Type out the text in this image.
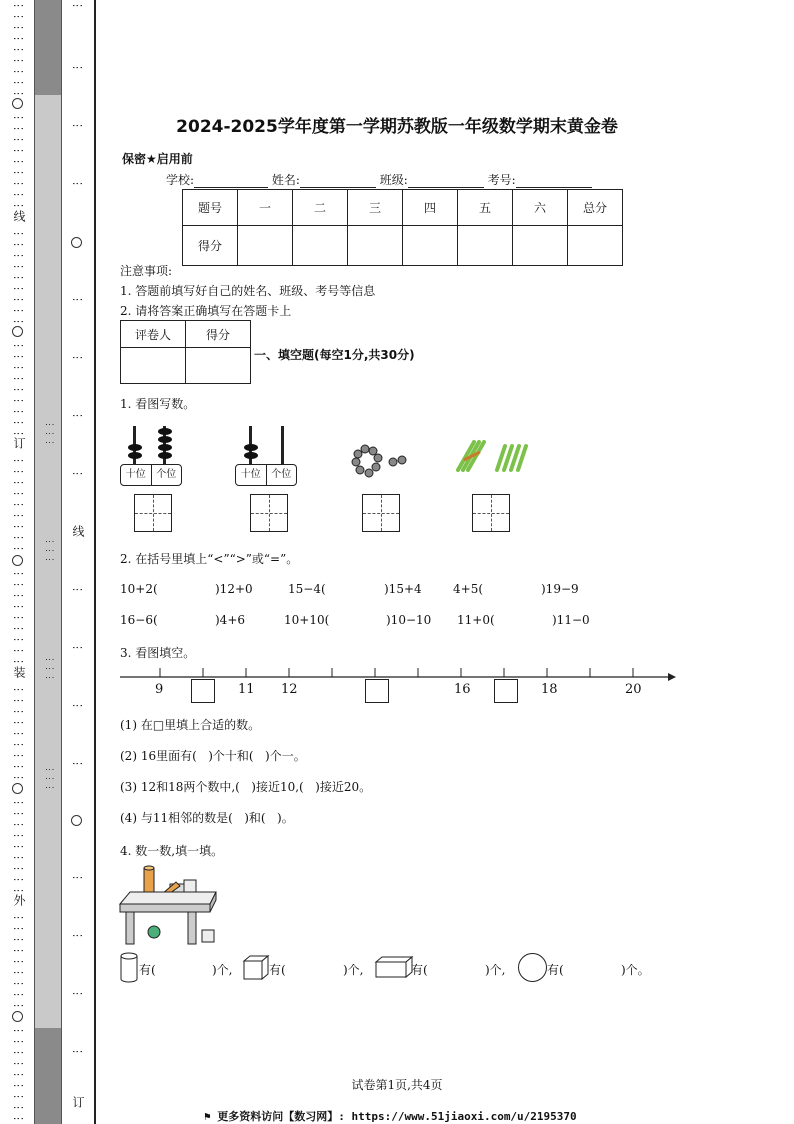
⋮⋮⋮⋮⋮⋮⋮⋮⋮
⋮⋮⋮⋮⋮⋮⋮⋮⋮
线
⋮⋮⋮⋮⋮⋮⋮⋮⋮
⋮⋮⋮⋮⋮⋮⋮⋮⋮
订
⋮⋮⋮⋮⋮⋮⋮⋮⋮
⋮⋮⋮⋮⋮⋮⋮⋮⋮
装
⋮⋮⋮⋮⋮⋮⋮⋮⋮
⋮⋮⋮⋮⋮⋮⋮⋮⋮
外
⋮⋮⋮⋮⋮⋮⋮⋮⋮
⋮⋮⋮⋮⋮⋮⋮⋮⋮
⋮⋮⋮
⋮⋮⋮
⋮⋮⋮
⋮⋮⋮
⋮
⋮
⋮
⋮
⋮
⋮
⋮
⋮
线
⋮
⋮
⋮
⋮
⋮
⋮
⋮
⋮
订
2024-2025学年度第一学期苏教版一年级数学期末黄金卷
保密★启用前
学校:	姓名:	班级:	考号:
题号	一	二	三	四	五	六	总分
得分							
注意事项:
1. 答题前填写好自己的姓名、班级、考号等信息
2. 请将答案正确填写在答题卡上
评卷人	得分

一、填空题(每空1分,共30分)
1. 看图写数。
十位	个位	十位	个位
2. 在括号里填上“<”“>”或“=”。
10+2(	)12+0	15−4(	)15+4	4+5(	)19−9
16−6(	)4+6	10+10(	)10−10 11+0(	)11−0
3. 看图填空。
9	11 12	16	18	20
(1) 在□里填上合适的数。
(2) 16里面有(   )个十和(   )个一。
(3) 12和18两个数中,(   )接近10,(   )接近20。
(4) 与11相邻的数是(   )和(   )。
4. 数一数,填一填。
有(	)个,	有(	)个,	有(	)个,	有(	)个。
试卷第1页,共4页
⚑ 更多资料访问【数习网】: https://www.51jiaoxi.com/u/2195370
